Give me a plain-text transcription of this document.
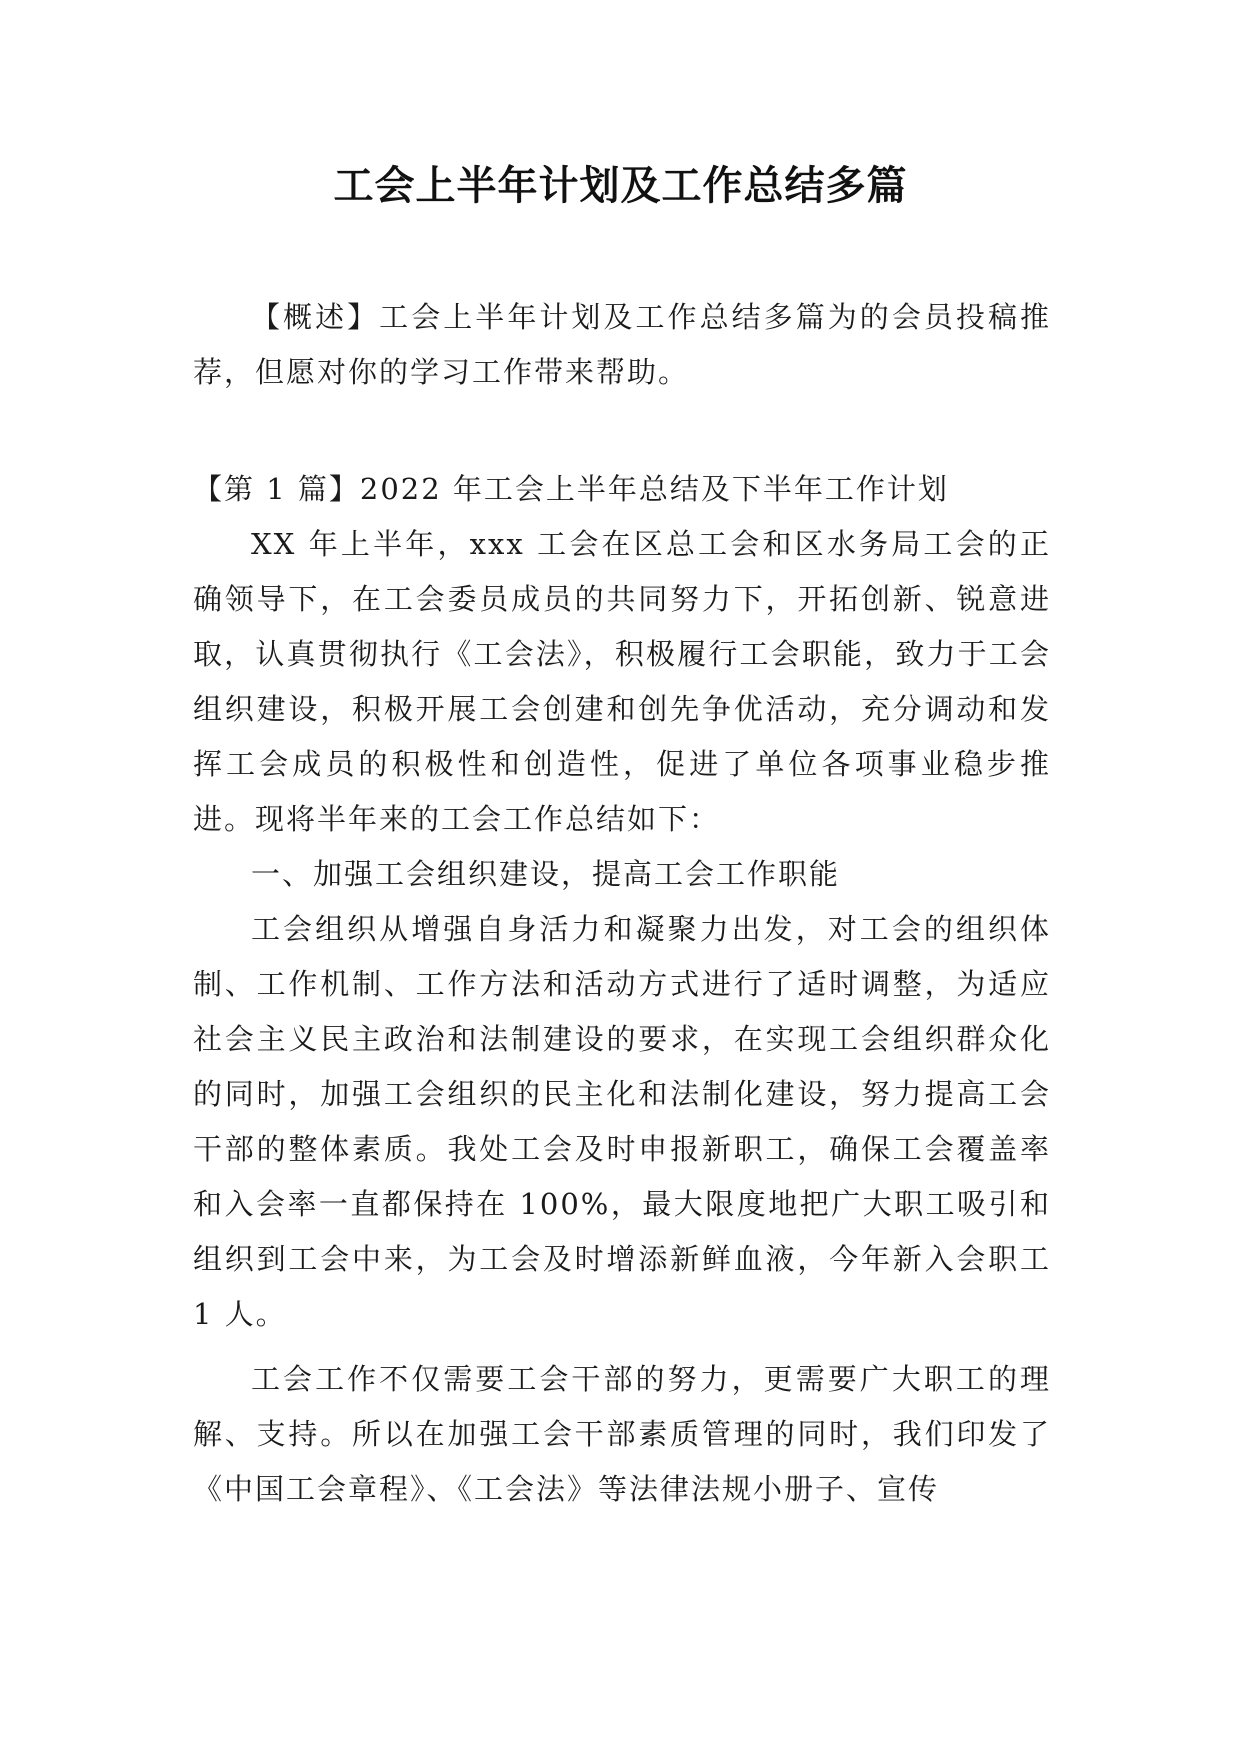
工会上半年计划及工作总结多篇

【概述】工会上半年计划及工作总结多篇为的会员投稿推荐，但愿对你的学习工作带来帮助。

【第 1 篇】2022 年工会上半年总结及下半年工作计划

XX 年上半年，xxx 工会在区总工会和区水务局工会的正确领导下，在工会委员成员的共同努力下，开拓创新、锐意进取，认真贯彻执行《工会法》，积极履行工会职能，致力于工会组织建设，积极开展工会创建和创先争优活动，充分调动和发挥工会成员的积极性和创造性，促进了单位各项事业稳步推进。现将半年来的工会工作总结如下：

一、加强工会组织建设，提高工会工作职能

工会组织从增强自身活力和凝聚力出发，对工会的组织体制、工作机制、工作方法和活动方式进行了适时调整，为适应社会主义民主政治和法制建设的要求，在实现工会组织群众化的同时，加强工会组织的民主化和法制化建设，努力提高工会干部的整体素质。我处工会及时申报新职工，确保工会覆盖率和入会率一直都保持在 100%，最大限度地把广大职工吸引和组织到工会中来，为工会及时增添新鲜血液，今年新入会职工 1 人。

工会工作不仅需要工会干部的努力，更需要广大职工的理解、支持。所以在加强工会干部素质管理的同时，我们印发了《中国工会章程》、《工会法》等法律法规小册子、宣传
